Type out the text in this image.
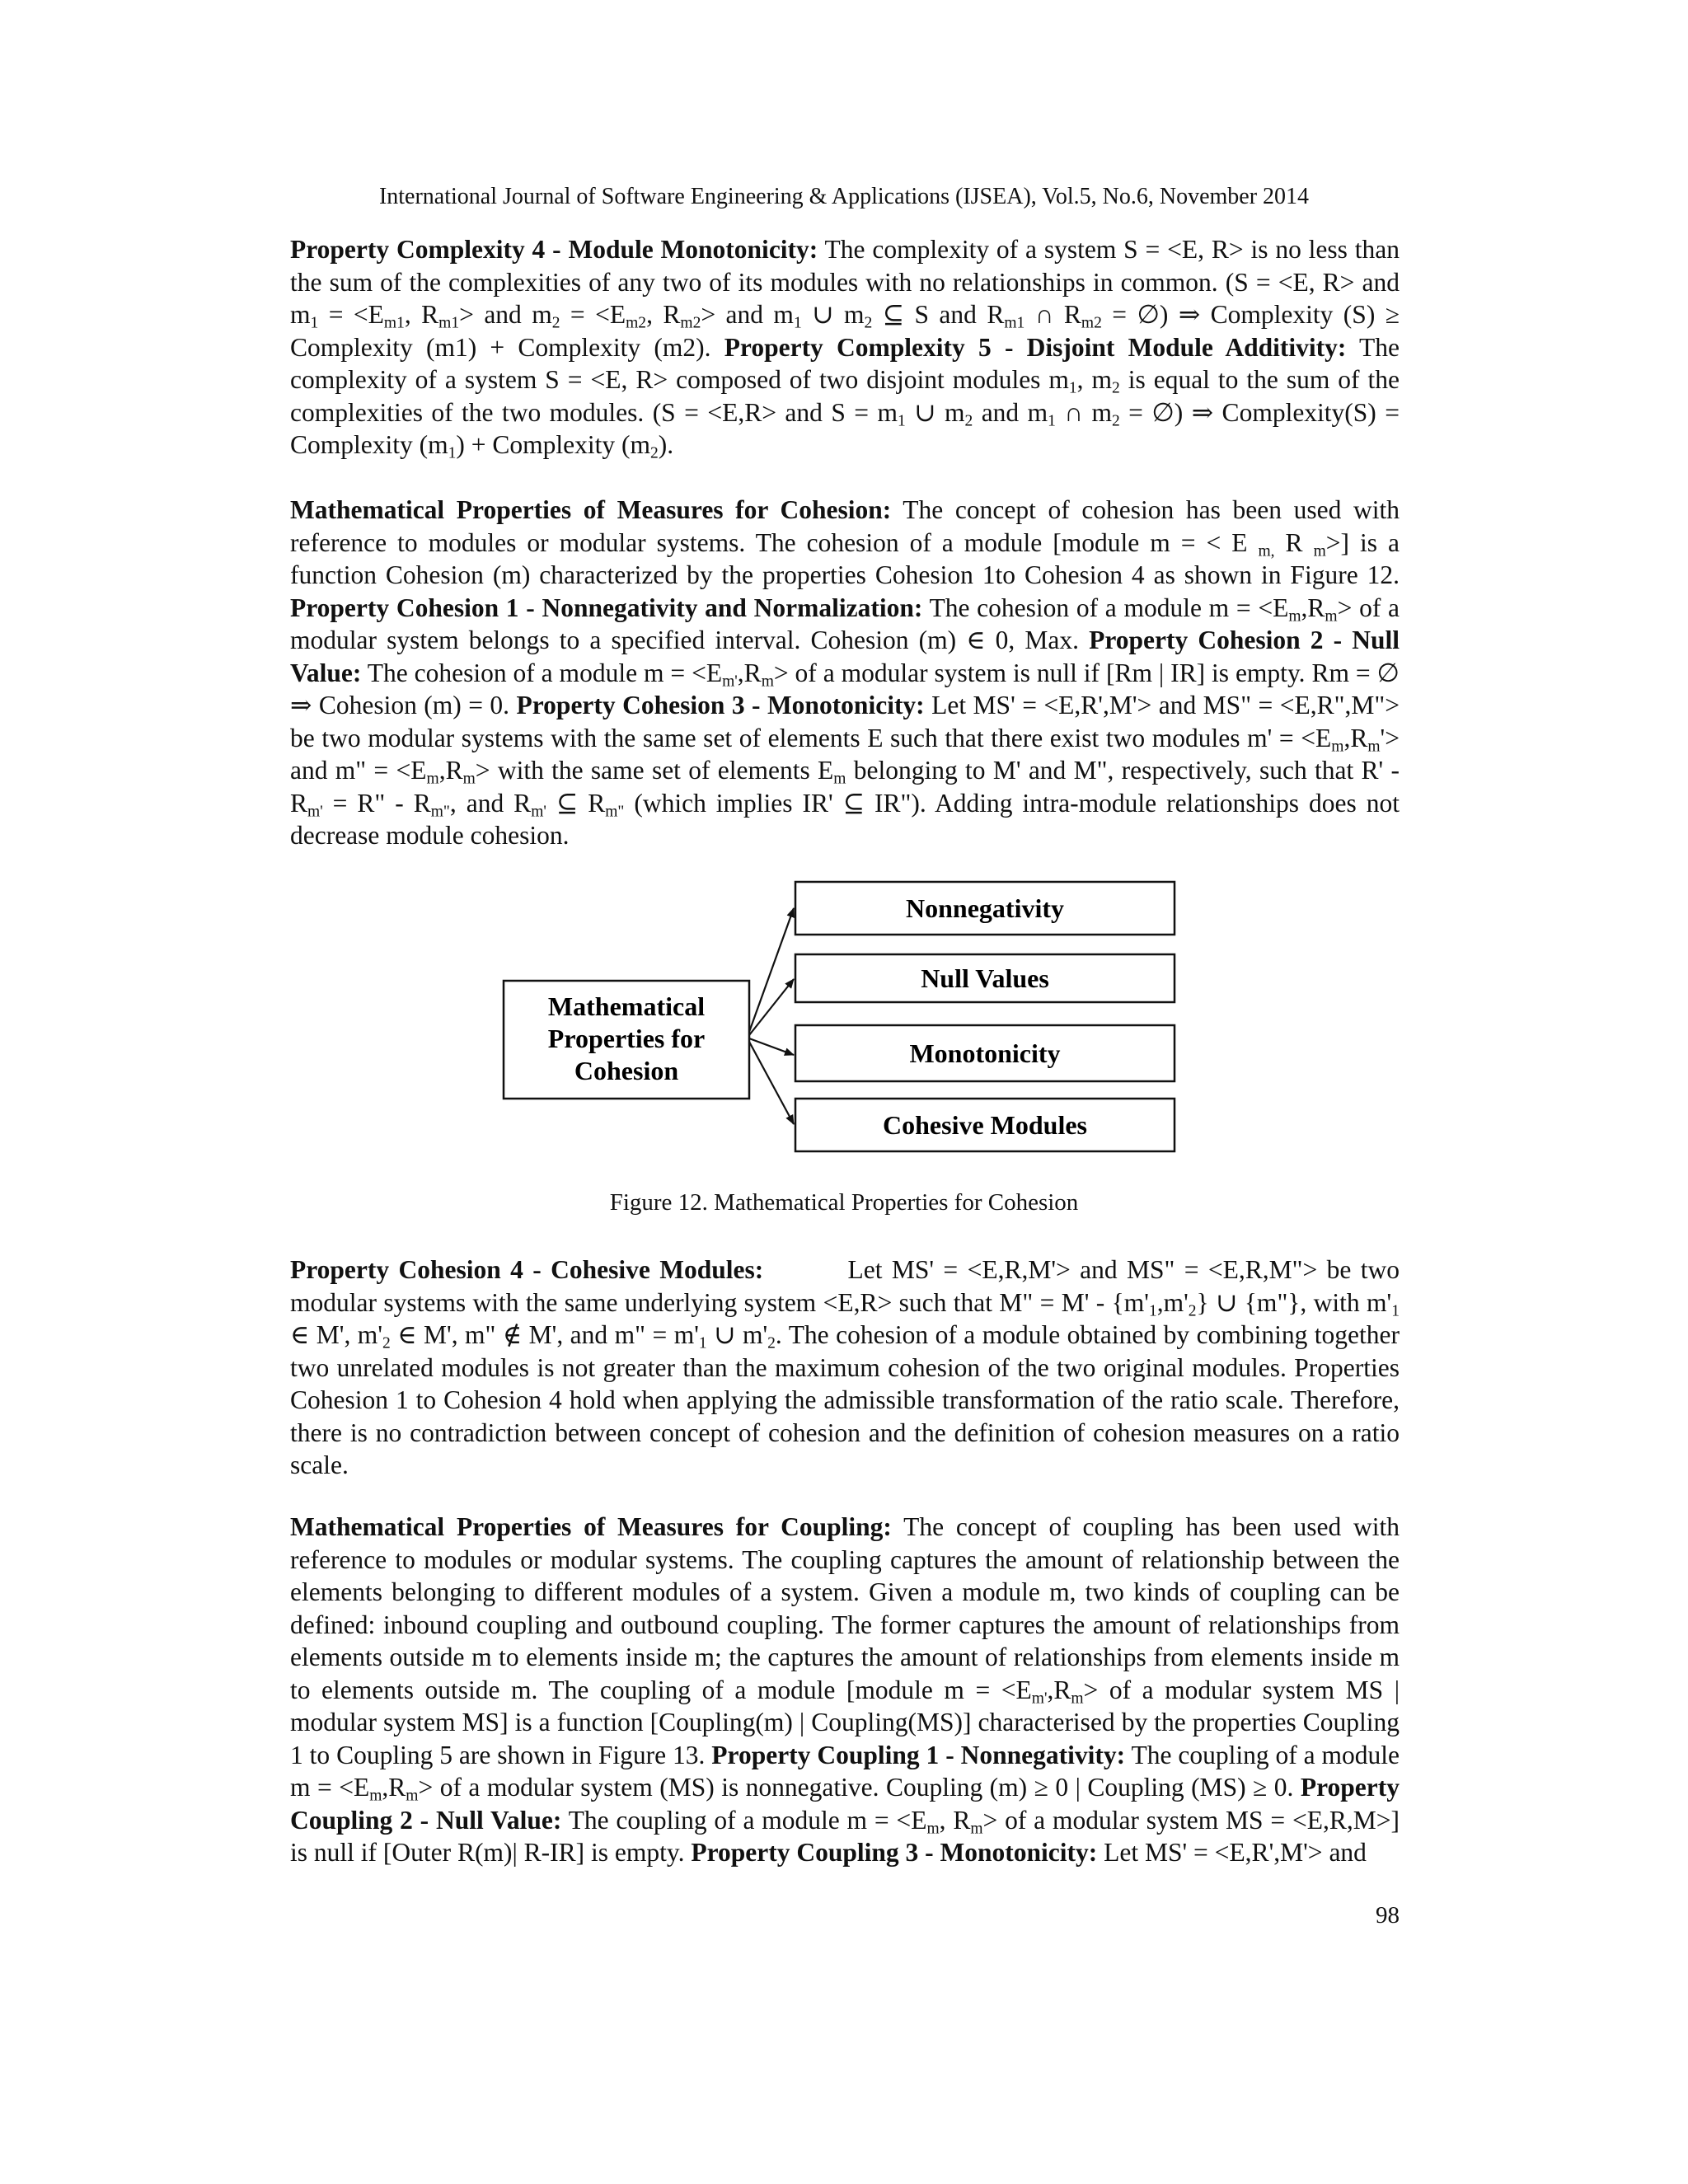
International Journal of Software Engineering & Applications (IJSEA), Vol.5, No.6, November 2014
Property Complexity 4 - Module Monotonicity: The complexity of a system S = <E, R> is no less than the sum of the complexities of any two of its modules with no relationships in common. (S = <E, R> and $m_1 = <E_{m1}$, $R_{m1}>$ and $m_2 = <E_{m2}$, $R_{m2}>$ and $m_1$ ∪ $m_2$ ⊆ S and $R_{m1}$ ∩ $R_{m2}$ = ∅) ⇒ Complexity (S) ≥ Complexity (m1) + Complexity (m2). Property Complexity 5 - Disjoint Module Additivity: The complexity of a system S = <E, R> composed of two disjoint modules $m_1$, $m_2$ is equal to the sum of the complexities of the two modules. (S = <E,R> and $S = m_1$ ∪ $m_2$ and $m_1$ ∩ $m_2$ = ∅) ⇒ Complexity(S) = Complexity $(m_1)$ + Complexity $(m_2)$.
Mathematical Properties of Measures for Cohesion: The concept of cohesion has been used with reference to modules or modular systems. The cohesion of a module [module m = < E $_{m,}$ R $_m$>] is a function Cohesion (m) characterized by the properties Cohesion 1to Cohesion 4 as shown in Figure 12. Property Cohesion 1 - Nonnegativity and Normalization: The cohesion of a module $m = <E_m,R_m>$ of a modular system belongs to a specified interval. Cohesion (m) ∈ 0, Max. Property Cohesion 2 - Null Value: The cohesion of a module $m = <E_{m'},R_m>$ of a modular system is null if [Rm | IR] is empty. Rm = ∅ ⇒ Cohesion (m) = 0. Property Cohesion 3 - Monotonicity: Let MS' = <E,R',M'> and MS" = <E,R",M"> be two modular systems with the same set of elements E such that there exist two modules $m' = <E_m,R_m'>$ and m" = $<E_m,R_m>$ with the same set of elements $E_m$ belonging to M' and M", respectively, such that $R' - R_{m'} = R$" - $R_{m"}$, and $R_{m'}$ ⊆ $R_{m"}$ (which implies IR' ⊆ IR"). Adding intra-module relationships does not decrease module cohesion.
Mathematical
Properties for
Cohesion
Nonnegativity
Null Values
Monotonicity
Cohesive Modules
Figure 12. Mathematical Properties for Cohesion
Property Cohesion 4 - Cohesive Modules:         Let MS' = <E,R,M'> and MS" = <E,R,M"> be two modular systems with the same underlying system <E,R> such that M" = M' - $\{m'_1,m'_2\}$ ∪ {m"}, with $m'_1$ ∈ M', $m'_2$ ∈ M', m" ∉ M', and m" = $m'_1$ ∪ $m'_2$. The cohesion of a module obtained by combining together two unrelated modules is not greater than the maximum cohesion of the two original modules. Properties Cohesion 1 to Cohesion 4 hold when applying the admissible transformation of the ratio scale. Therefore, there is no contradiction between concept of cohesion and the definition of cohesion measures on a ratio scale.
Mathematical Properties of Measures for Coupling: The concept of coupling has been used with reference to modules or modular systems. The coupling captures the amount of relationship between the elements belonging to different modules of a system. Given a module m, two kinds of coupling can be defined: inbound coupling and outbound coupling. The former captures the amount of relationships from elements outside m to elements inside m; the captures the amount of relationships from elements inside m to elements outside m. The coupling of a module [module $m = <E_{m'},R_m>$ of a modular system MS | modular system MS] is a function [Coupling(m) | Coupling(MS)] characterised by the properties Coupling 1 to Coupling 5 are shown in Figure 13. Property Coupling 1 - Nonnegativity: The coupling of a module $m = <E_m,R_m>$ of a modular system (MS) is nonnegative. Coupling (m) ≥ 0 | Coupling (MS) ≥ 0. Property Coupling 2 - Null Value: The coupling of a module $m = <E_m$, $R_m>$ of a modular system MS = <E,R,M>] is null if [Outer R(m)| R-IR] is empty. Property Coupling 3 - Monotonicity: Let MS' = <E,R',M'> and
98
